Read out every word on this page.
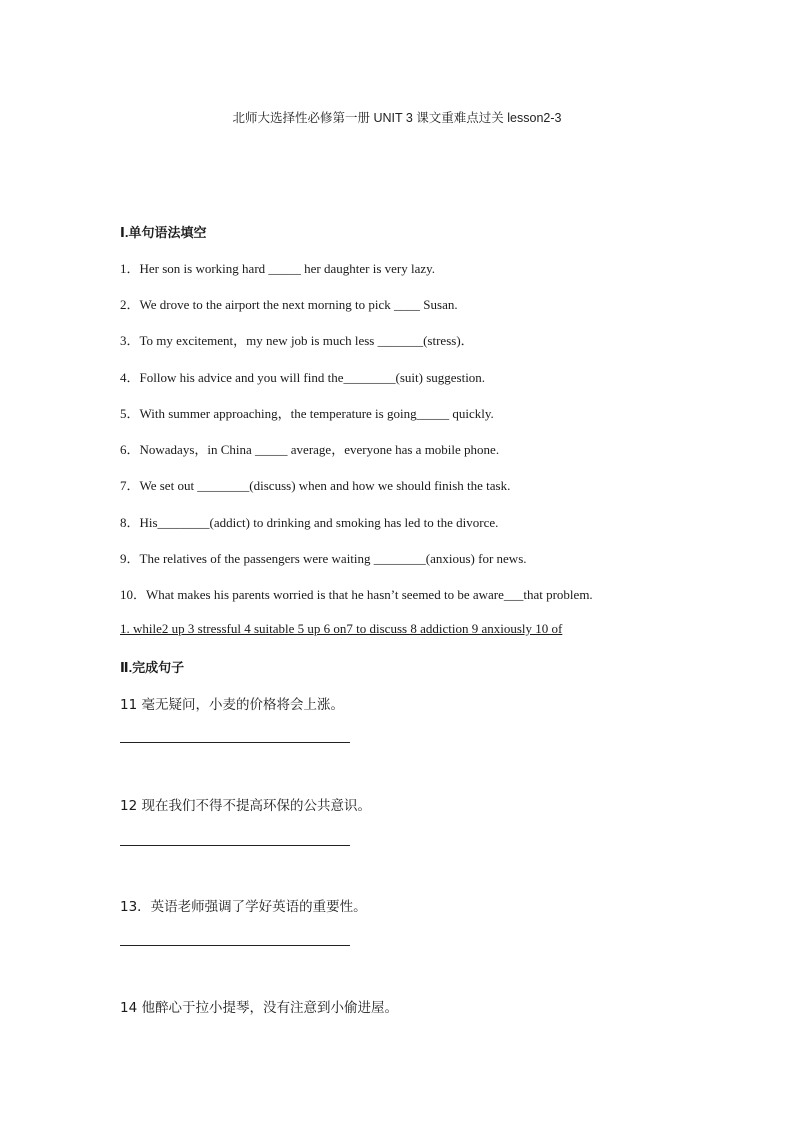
北师大选择性必修第一册 UNIT 3 课文重难点过关 lesson2-3
Ⅰ.单句语法填空
1．Her son is working hard _____ her daughter is very lazy.
2．We drove to the airport the next morning to pick ____ Susan.
3．To my excitement，my new job is much less _______(stress)．
4．Follow his advice and you will find the________(suit) suggestion.
5．With summer approaching，the temperature is going_____ quickly.
6．Nowadays，in China _____ average，everyone has a mobile phone.
7．We set out ________(discuss) when and how we should finish the task.
8．His________(addict) to drinking and smoking has led to the divorce.
9．The relatives of the passengers were waiting ________(anxious) for news.
10．What makes his parents worried is that he hasn’t seemed to be aware___that problem.
1. while2 up 3 stressful 4 suitable 5 up 6 on7 to discuss 8 addiction 9 anxiously 10 of
Ⅱ.完成句子
11 毫无疑问，小麦的价格将会上涨。
12 现在我们不得不提高环保的公共意识。
13．英语老师强调了学好英语的重要性。
14 他醉心于拉小提琴，没有注意到小偷进屋。
